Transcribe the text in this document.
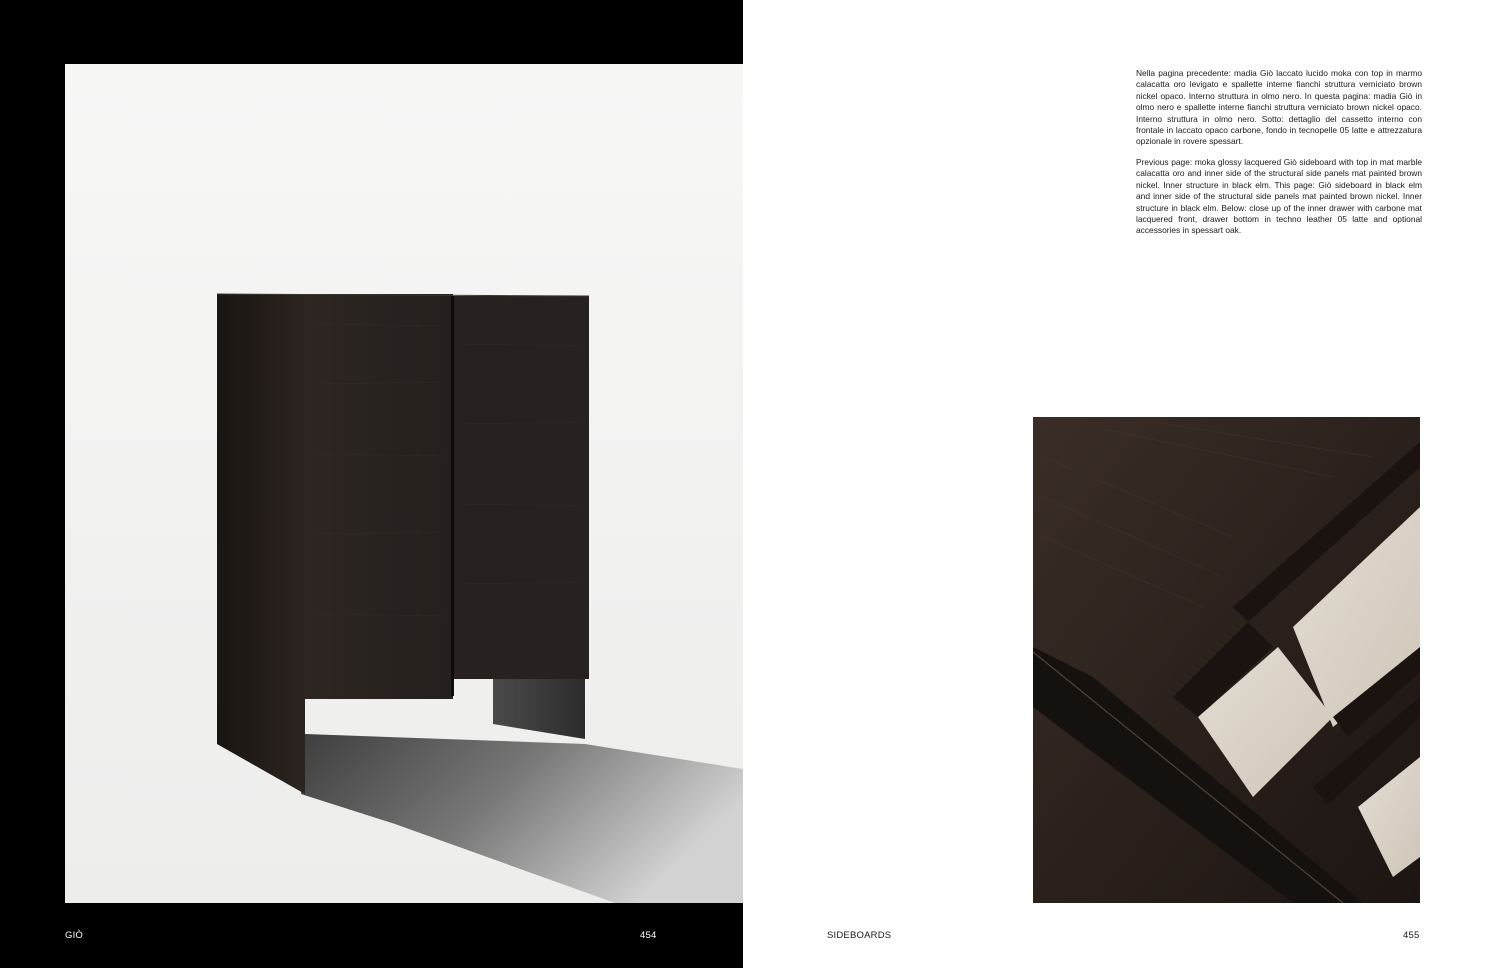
Nella pagina precedente: madia Giò laccato lucido moka con top in marmo calacatta oro levigato e spallette interne fianchi struttura verniciato brown nickel opaco. Interno struttura in olmo nero. In questa pagina: madia Giò in olmo nero e spallette interne fianchi struttura verniciato brown nickel opaco. Interno struttura in olmo nero. Sotto: dettaglio del cassetto interno con frontale in laccato opaco carbone, fondo in tecnopelle 05 latte e attrezzatura opzionale in rovere spessart.

Previous page: moka glossy lacquered Giò sideboard with top in mat marble calacatta oro and inner side of the structural side panels mat painted brown nickel. Inner structure in black elm. This page: Giò sideboard in black elm and inner side of the structural side panels mat painted brown nickel. Inner structure in black elm. Below: close up of the inner drawer with carbone mat lacquered front, drawer bottom in techno leather 05 latte and optional accessories in spessart oak.

GIÒ	454	SIDEBOARDS	455
